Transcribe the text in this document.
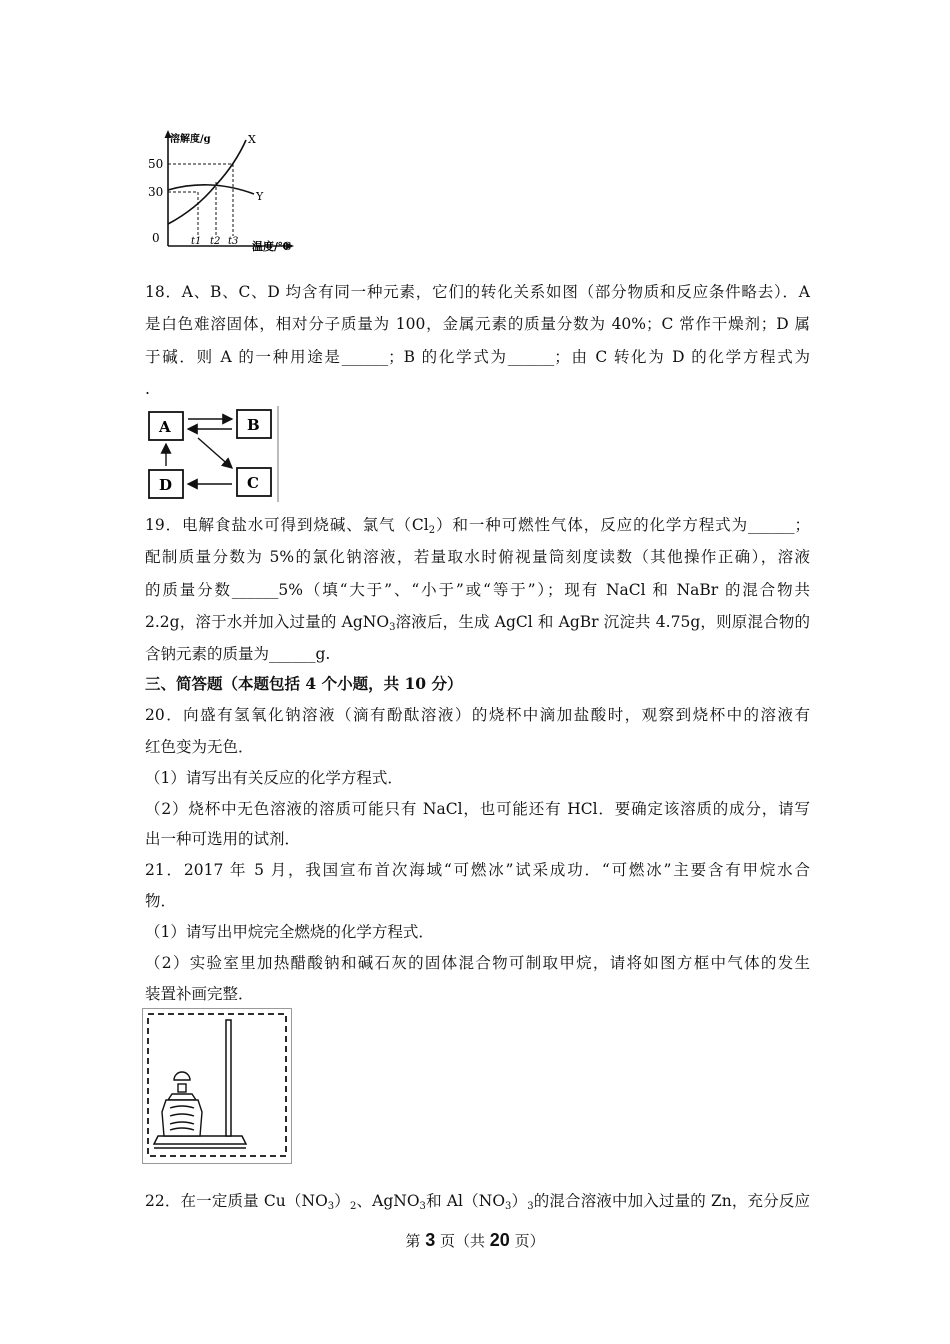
溶解度/g
温度/℃
50
30
0	t1 t2 t3
X
Y
18．A、B、C、D 均含有同一种元素，它们的转化关系如图（部分物质和反应条件略去）．A
是白色难溶固体，相对分子质量为 100，金属元素的质量分数为 40%；C 常作干燥剂；D 属
于碱．则 A 的一种用途是______；B 的化学式为______；由 C 转化为 D 的化学方程式为
.
A	B
C
D
19．电解食盐水可得到烧碱、氯气$(Cl_2)$和一种可燃性气体，反应的化学方程式为______；
配制质量分数为 5%的氯化钠溶液，若量取水时俯视量筒刻度读数（其他操作正确），溶液
的质量分数______5%（填“大于”、“小于”或“等于”）；现有 NaCl 和 NaBr 的混合物共
2.2g，溶于水并加入过量的 AgNO$_3$溶液后，生成 AgCl 和 AgBr 沉淀共 4.75g，则原混合物的
含钠元素的质量为______g.
三、简答题（本题包括 4 个小题，共 10 分）
20．向盛有氢氧化钠溶液（滴有酚酞溶液）的烧杯中滴加盐酸时，观察到烧杯中的溶液有
红色变为无色．
（1）请写出有关反应的化学方程式．
（2）烧杯中无色溶液的溶质可能只有 NaCl，也可能还有 HCl．要确定该溶质的成分，请写
出一种可选用的试剂．
21．2017 年 5 月，我国宣布首次海域“可燃冰”试采成功．“可燃冰”主要含有甲烷水合
物．
（1）请写出甲烷完全燃烧的化学方程式．
（2）实验室里加热醋酸钠和碱石灰的固体混合物可制取甲烷，请将如图方框中气体的发生
装置补画完整．
22．在一定质量 $Cu(NO_3)_2$、AgNO$_3$和 $Al(NO_3)_3$的混合溶液中加入过量的 Zn，充分反应
第 3 页（共 20 页）
